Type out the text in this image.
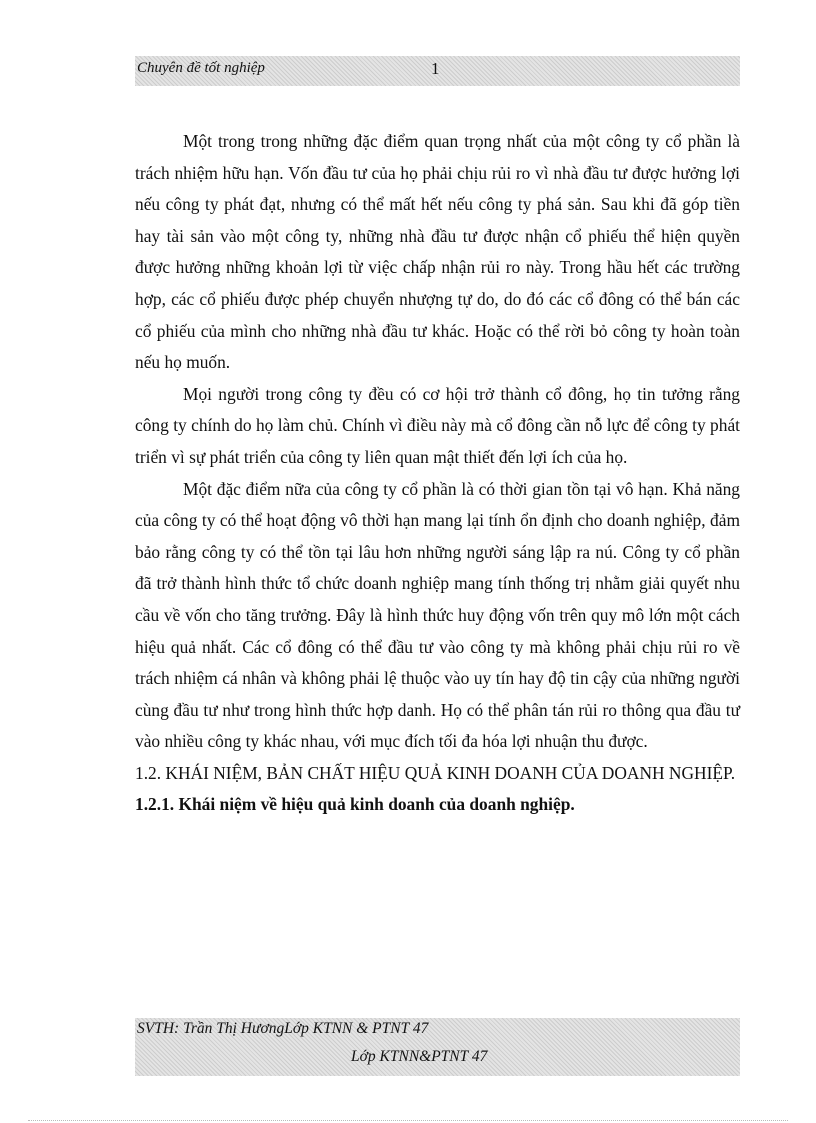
Chuyên đề tốt nghiệp	1

Một trong trong những đặc điểm quan trọng nhất của một công ty cổ phần là trách nhiệm hữu hạn. Vốn đầu tư của họ phải chịu rủi ro vì nhà đầu tư được hưởng lợi nếu công ty phát đạt, nhưng có thể mất hết nếu công ty phá sản. Sau khi đã góp tiền hay tài sản vào một công ty, những nhà đầu tư được nhận cổ phiếu thể hiện quyền được hưởng những khoản lợi từ việc chấp nhận rủi ro này. Trong hầu hết các trường hợp, các cổ phiếu được phép chuyển nhượng tự do, do đó các cổ đông có thể bán các cổ phiếu của mình cho những nhà đầu tư khác. Hoặc có thể rời bỏ công ty hoàn toàn nếu họ muốn.

Mọi người trong công ty đều có cơ hội trở thành cổ đông, họ tin tưởng rằng công ty chính do họ làm chủ. Chính vì điều này mà cổ đông cần nỗ lực để công ty phát triển vì sự phát triển của công ty liên quan mật thiết đến lợi ích của họ.

Một đặc điểm nữa của công ty cổ phần là có thời gian tồn tại vô hạn. Khả năng của công ty có thể hoạt động vô thời hạn mang lại tính ổn định cho doanh nghiệp, đảm bảo rằng công ty có thể tồn tại lâu hơn những người sáng lập ra nú. Công ty cổ phần đã trở thành hình thức tổ chức doanh nghiệp mang tính thống trị nhằm giải quyết nhu cầu về vốn cho tăng trưởng. Đây là hình thức huy động vốn trên quy mô lớn một cách hiệu quả nhất. Các cổ đông có thể đầu tư vào công ty mà không phải chịu rủi ro về trách nhiệm cá nhân và không phải lệ thuộc vào uy tín hay độ tin cậy của những người cùng đầu tư như trong hình thức hợp danh. Họ có thể phân tán rủi ro thông qua đầu tư vào nhiều công ty khác nhau, với mục đích tối đa hóa lợi nhuận thu được.

1.2. KHÁI NIỆM, BẢN CHẤT HIỆU QUẢ KINH DOANH CỦA DOANH NGHIỆP.

1.2.1. Khái niệm về hiệu quả kinh doanh của doanh nghiệp.

SVTH: Trần Thị HươngLớp KTNN & PTNT 47
Lớp KTNN&PTNT 47
